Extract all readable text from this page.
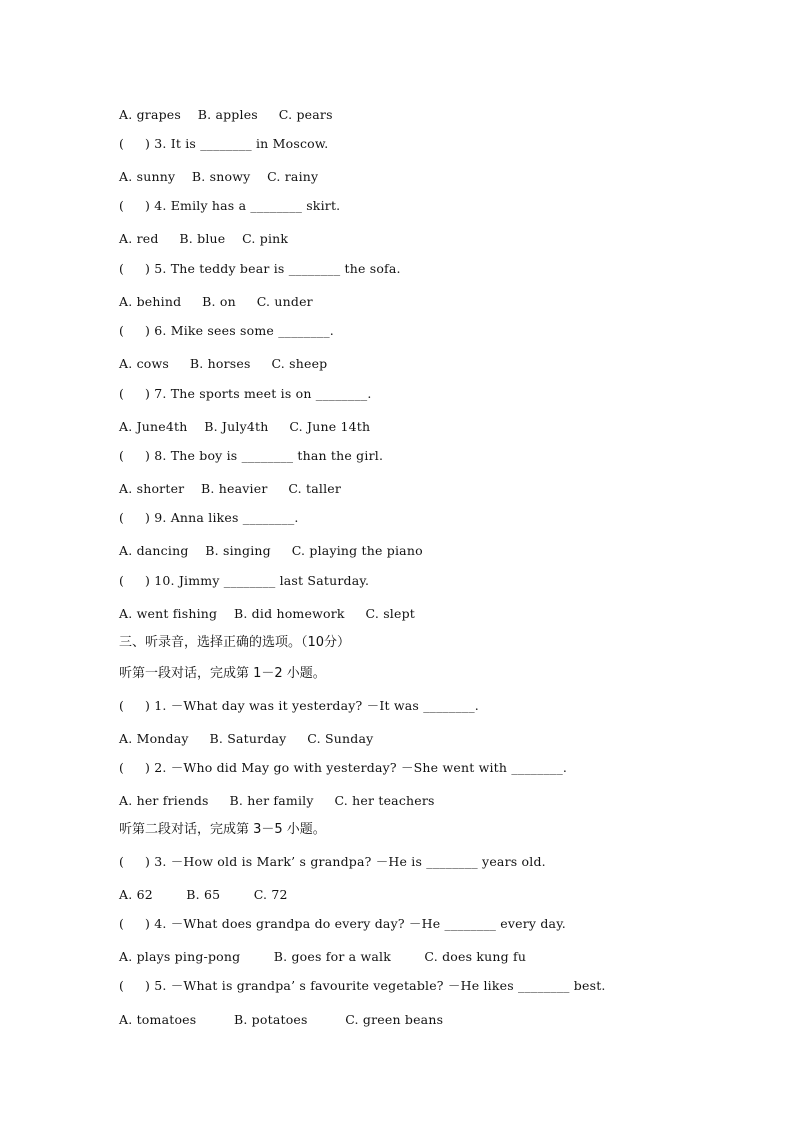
A. grapes    B. apples     C. pears
(     ) 3. It is ________ in Moscow.
A. sunny    B. snowy    C. rainy
(     ) 4. Emily has a ________ skirt.
A. red     B. blue    C. pink
(     ) 5. The teddy bear is ________ the sofa.
A. behind     B. on     C. under
(     ) 6. Mike sees some ________.
A. cows     B. horses     C. sheep
(     ) 7. The sports meet is on ________.
A. June4th    B. July4th     C. June 14th
(     ) 8. The boy is ________ than the girl.
A. shorter    B. heavier     C. taller
(     ) 9. Anna likes ________.
A. dancing    B. singing     C. playing the piano
(     ) 10. Jimmy ________ last Saturday.
A. went fishing    B. did homework     C. slept
三、听录音，选择正确的选项。（10分）
听第一段对话，完成第 1－2 小题。
(     ) 1. －What day was it yesterday? －It was ________.
A. Monday     B. Saturday     C. Sunday
(     ) 2. －Who did May go with yesterday? －She went with ________.
A. her friends     B. her family     C. her teachers
听第二段对话，完成第 3－5 小题。
(     ) 3. －How old is Mark’ s grandpa? －He is ________ years old.
A. 62        B. 65        C. 72
(     ) 4. －What does grandpa do every day? －He ________ every day.
A. plays ping-pong        B. goes for a walk        C. does kung fu
(     ) 5. －What is grandpa’ s favourite vegetable? －He likes ________ best.
A. tomatoes         B. potatoes         C. green beans
